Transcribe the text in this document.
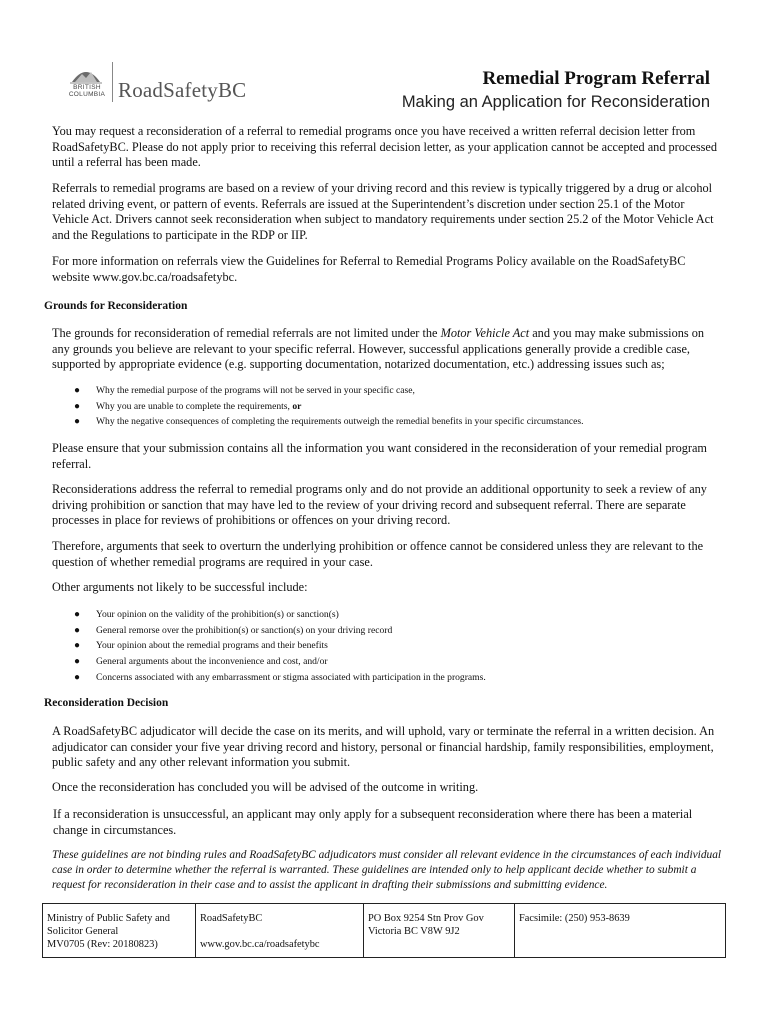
BRITISH
COLUMBIA RoadSafetyBC	Remedial Program Referral
Making an Application for Reconsideration

You may request a reconsideration of a referral to remedial programs once you have received a written referral decision letter from RoadSafetyBC. Please do not apply prior to receiving this referral decision letter, as your application cannot be accepted and processed until a referral has been made.

Referrals to remedial programs are based on a review of your driving record and this review is typically triggered by a drug or alcohol related driving event, or pattern of events. Referrals are issued at the Superintendent’s discretion under section 25.1 of the Motor Vehicle Act. Drivers cannot seek reconsideration when subject to mandatory requirements under section 25.2 of the Motor Vehicle Act and the Regulations to participate in the RDP or IIP.

For more information on referrals view the Guidelines for Referral to Remedial Programs Policy available on the RoadSafetyBC website www.gov.bc.ca/roadsafetybc.

Grounds for Reconsideration

The grounds for reconsideration of remedial referrals are not limited under the Motor Vehicle Act and you may make submissions on any grounds you believe are relevant to your specific referral. However, successful applications generally provide a credible case, supported by appropriate evidence (e.g. supporting documentation, notarized documentation, etc.) addressing issues such as;

● Why the remedial purpose of the programs will not be served in your specific case,
● Why you are unable to complete the requirements, or
● Why the negative consequences of completing the requirements outweigh the remedial benefits in your specific circumstances.

Please ensure that your submission contains all the information you want considered in the reconsideration of your remedial program referral.

Reconsiderations address the referral to remedial programs only and do not provide an additional opportunity to seek a review of any driving prohibition or sanction that may have led to the review of your driving record and subsequent referral. There are separate processes in place for reviews of prohibitions or offences on your driving record.

Therefore, arguments that seek to overturn the underlying prohibition or offence cannot be considered unless they are relevant to the question of whether remedial programs are required in your case.

Other arguments not likely to be successful include:

● Your opinion on the validity of the prohibition(s) or sanction(s)
● General remorse over the prohibition(s) or sanction(s) on your driving record
● Your opinion about the remedial programs and their benefits
● General arguments about the inconvenience and cost, and/or
● Concerns associated with any embarrassment or stigma associated with participation in the programs.
Reconsideration Decision

A RoadSafetyBC adjudicator will decide the case on its merits, and will uphold, vary or terminate the referral in a written decision. An adjudicator can consider your five year driving record and history, personal or financial hardship, family responsibilities, employment, public safety and any other relevant information you submit.

Once the reconsideration has concluded you will be advised of the outcome in writing.

If a reconsideration is unsuccessful, an applicant may only apply for a subsequent reconsideration where there has been a material change in circumstances.

These guidelines are not binding rules and RoadSafetyBC adjudicators must consider all relevant evidence in the circumstances of each individual case in order to determine whether the referral is warranted. These guidelines are intended only to help applicant decide whether to submit a request for reconsideration in their case and to assist the applicant in drafting their submissions and submitting evidence.

Ministry of Public Safety and
Solicitor General
MV0705 (Rev: 20180823)
RoadSafetyBC
www.gov.bc.ca/roadsafetybc
PO Box 9254 Stn Prov Gov
Victoria BC V8W 9J2
Facsimile: (250) 953-8639
